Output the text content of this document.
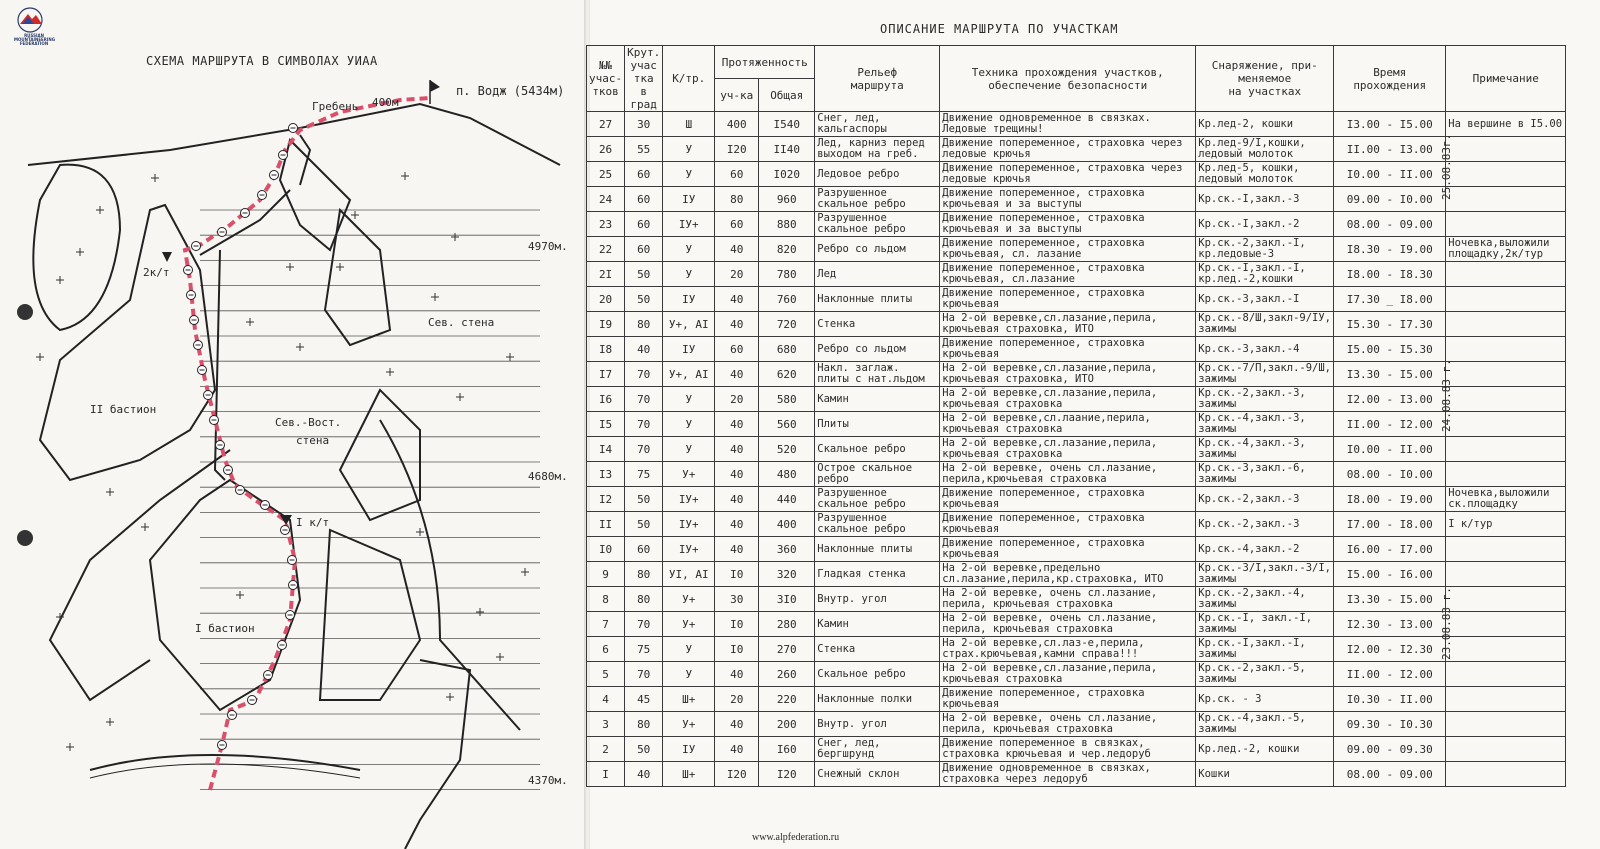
RUSSIAN MOUNTAINEERING FEDERATION
СХЕМА МАРШРУТА В СИМВОЛАХ УИАА
Гребень 400м
п. Водж (5434м)
4970м.
4680м.
4370м.
Сев. стена
Сев.-Вост.
стена
II бастион
I бастион
2к/т
I к/т
ОПИСАНИЕ МАРШРУТА ПО УЧАСТКАМ
№№
учас-
тков	Крут.
учас
тка
в град	К/тр.	Протяженность		Рельеф
маршрута	Техника прохождения участков,
обеспечение безопасности	Снаряжение, при-
меняемое
на участках	Время
прохождения	Примечание
			уч-ка	Общая					
27	30	Ш	400	I540	Снег, лед, кальгаспоры	Движение одновременное в связках. Ледовые трещины!	Кр.лед-2, кошки	I3.00 - I5.00	На вершине в I5.00
26	55	У	I20	II40	Лед, карниз перед выходом на греб.	Движение попеременное, страховка через ледовые крючья	Кр.лед-9/I,кошки, ледовый молоток	II.00 - I3.00	
25	60	У	60	I020	Ледовое ребро	Движение попеременное, страховка через ледовые крючья	Кр.лед-5, кошки, ледовый молоток	I0.00 - II.00	
24	60	IУ	80	960	Разрушенное скальное ребро	Движение попеременное, страховка крючьевая и за выступы	Кр.ск.-I,закл.-3	09.00 - I0.00	
23	60	IУ+	60	880	Разрушенное скальное ребро	Движение попеременное, страховка крючьевая и за выступы	Кр.ск.-I,закл.-2	08.00 - 09.00	
22	60	У	40	820	Ребро со льдом	Движение попеременное, страховка крючьевая, сл. лазание	Кр.ск.-2,закл.-I, кр.ледовые-3	I8.30 - I9.00	Ночевка,выложили площадку,2к/тур
2I	50	У	20	780	Лед	Движение попеременное, страховка крючьевая, сл.лазание	Кр.ск.-I,закл.-I, кр.лед.-2,кошки	I8.00 - I8.30	
20	50	IУ	40	760	Наклонные плиты	Движение попеременное, страховка крючьевая	Кр.ск.-3,закл.-I	I7.30 _ I8.00	
I9	80	У+, АI	40	720	Стенка	На 2-ой веревке,сл.лазание,перила, крючьевая страховка, ИТО	Кр.ск.-8/Ш,закл-9/IУ, зажимы	I5.30 - I7.30	
I8	40	IУ	60	680	Ребро со льдом	Движение попеременное, страховка крючьевая	Кр.ск.-3,закл.-4	I5.00 - I5.30	
I7	70	У+, АI	40	620	Накл. заглаж. плиты с нат.льдом	На 2-ой веревке,сл.лазание,перила, крючьевая страховка, ИТО	Кр.ск.-7/П,закл.-9/Ш, зажимы	I3.30 - I5.00	
I6	70	У	20	580	Камин	На 2-ой веревке,сл.лазание,перила, крючьевая страховка	Кр.ск.-2,закл.-3, зажимы	I2.00 - I3.00	
I5	70	У	40	560	Плиты	На 2-ой веревке,сл.лаание,перила, крючьевая страховка	Кр.ск.-4,закл.-3, зажимы	II.00 - I2.00	
I4	70	У	40	520	Скальное ребро	На 2-ой веревке,сл.лазание,перила, крючьевая страховка	Кр.ск.-4,закл.-3, зажимы	I0.00 - II.00	
I3	75	У+	40	480	Острое скальное ребро	На 2-ой веревке, очень сл.лазание, перила,крючьевая страховка	Кр.ск.-3,закл.-6, зажимы	08.00 - I0.00	
I2	50	IУ+	40	440	Разрушенное скальное ребро	Движение попеременное, страховка крючьевая	Кр.ск.-2,закл.-3	I8.00 - I9.00	Ночевка,выложили ск.площадку
II	50	IУ+	40	400	Разрушенное скальное ребро	Движение попеременное, страховка крючьевая	Кр.ск.-2,закл.-3	I7.00 - I8.00	I к/тур
I0	60	IУ+	40	360	Наклонные плиты	Движение попеременное, страховка крючьевая	Кр.ск.-4,закл.-2	I6.00 - I7.00	
9	80	УI, АI	I0	320	Гладкая стенка	На 2-ой веревке,предельно сл.лазание,перила,кр.страховка, ИТО	Кр.ск.-3/I,закл.-3/I, зажимы	I5.00 - I6.00	
8	80	У+	30	3I0	Внутр. угол	На 2-ой веревке, очень сл.лазание, перила, крючьевая страховка	Кр.ск.-2,закл.-4, зажимы	I3.30 - I5.00	
7	70	У+	I0	280	Камин	На 2-ой веревке, очень сл.лазание, перила, крючьевая страховка	Кр.ск.-I, закл.-I, зажимы	I2.30 - I3.00	
6	75	У	I0	270	Стенка	На 2-ой веревке,сл.лаз-е,перила, страх.крючьевая,камни справа!!!	Кр.ск.-I,закл.-I, зажимы	I2.00 - I2.30	
5	70	У	40	260	Скальное ребро	На 2-ой веревке,сл.лазание,перила, крючьевая страховка	Кр.ск.-2,закл.-5, зажимы	II.00 - I2.00	
4	45	Ш+	20	220	Наклонные полки	Движение попеременное, страховка крючьевая	Кр.ск. - 3	I0.30 - II.00	
3	80	У+	40	200	Внутр. угол	На 2-ой веревке, очень сл.лазание, перила, крючьевая страховка	Кр.ск.-4,закл.-5, зажимы	09.30 - I0.30	
2	50	IУ	40	I60	Снег, лед, бергшрунд	Движение попеременное в связках, страховка крючьевая и чер.ледоруб	Кр.лед.-2, кошки	09.00 - 09.30	
I	40	Ш+	I20	I20	Снежный склон	Движение одновременное в связках, страховка через ледоруб	Кошки	08.00 - 09.00	
25.08.83г.
24.08.83 г.
23.08.83 г.
www.alpfederation.ru
